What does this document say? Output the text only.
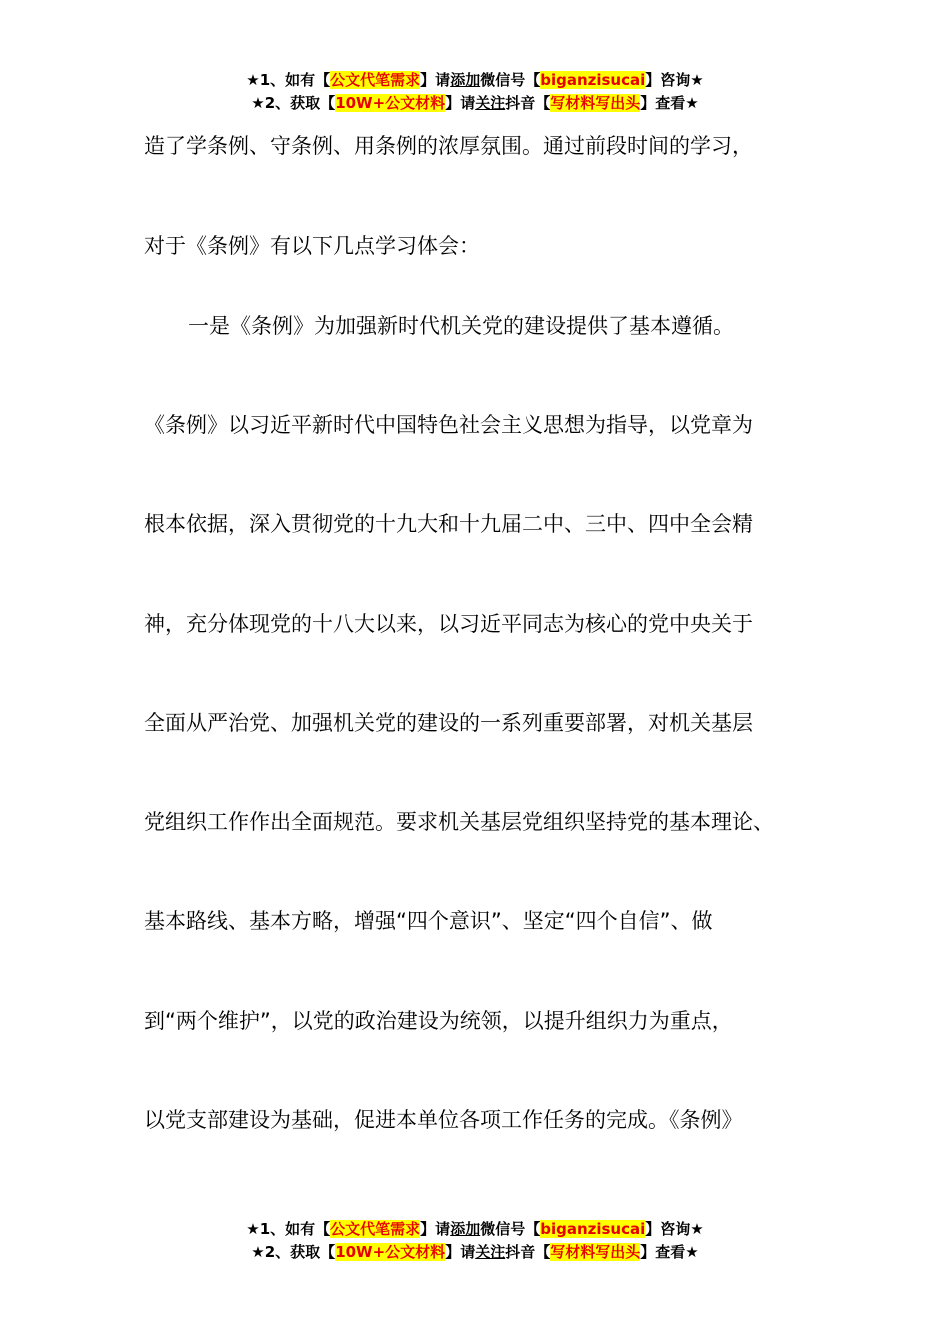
★1、如有【公文代笔需求】请添加微信号【biganzisucai】咨询★
★2、获取【10W+公文材料】请关注抖音【写材料写出头】查看★
造了学条例、守条例、用条例的浓厚氛围。通过前段时间的学习，
对于《条例》有以下几点学习体会：
一是《条例》为加强新时代机关党的建设提供了基本遵循。
《条例》以习近平新时代中国特色社会主义思想为指导，以党章为
根本依据，深入贯彻党的十九大和十九届二中、三中、四中全会精
神，充分体现党的十八大以来，以习近平同志为核心的党中央关于
全面从严治党、加强机关党的建设的一系列重要部署，对机关基层
党组织工作作出全面规范。要求机关基层党组织坚持党的基本理论、
基本路线、基本方略，增强“四个意识”、坚定“四个自信”、做
到“两个维护”，以党的政治建设为统领，以提升组织力为重点，
以党支部建设为基础，促进本单位各项工作任务的完成。《条例》
★1、如有【公文代笔需求】请添加微信号【biganzisucai】咨询★
★2、获取【10W+公文材料】请关注抖音【写材料写出头】查看★
